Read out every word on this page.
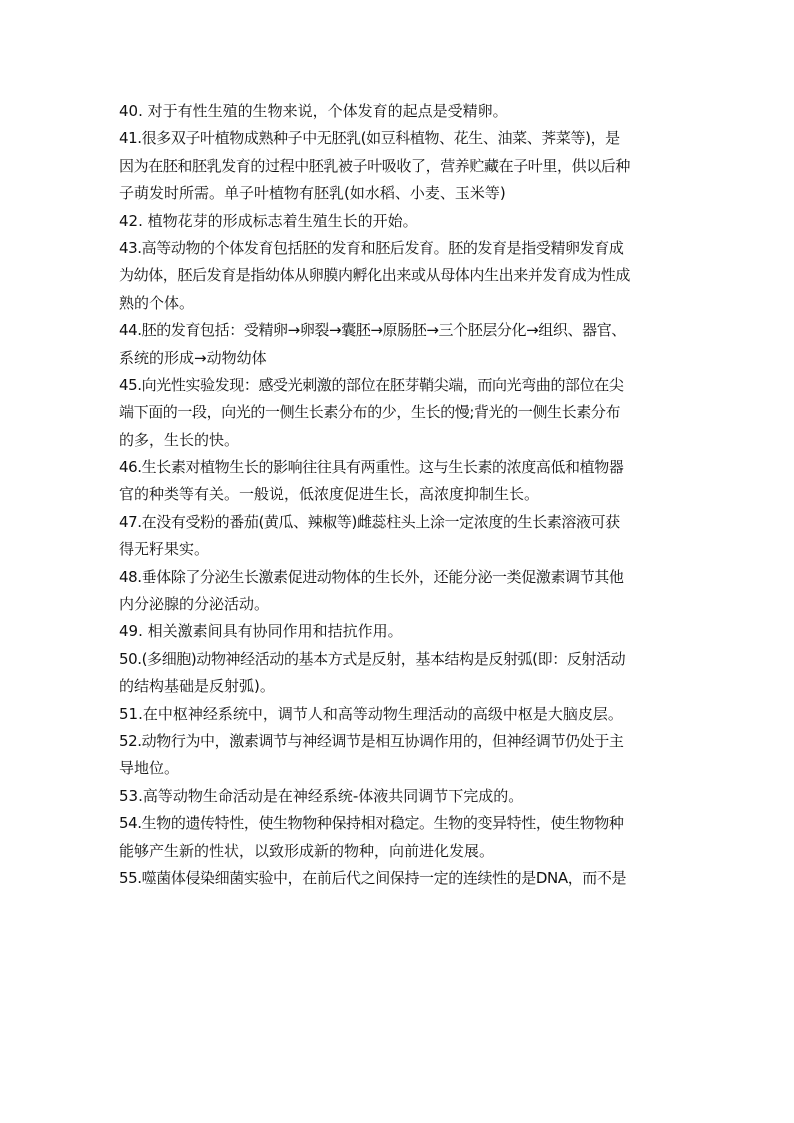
40. 对于有性生殖的生物来说，个体发育的起点是受精卵。
41.很多双子叶植物成熟种子中无胚乳(如豆科植物、花生、油菜、荠菜等)，是
因为在胚和胚乳发育的过程中胚乳被子叶吸收了，营养贮藏在子叶里，供以后种
子萌发时所需。单子叶植物有胚乳(如水稻、小麦、玉米等)
42. 植物花芽的形成标志着生殖生长的开始。
43.高等动物的个体发育包括胚的发育和胚后发育。胚的发育是指受精卵发育成
为幼体，胚后发育是指幼体从卵膜内孵化出来或从母体内生出来并发育成为性成
熟的个体。
44.胚的发育包括：受精卵→卵裂→囊胚→原肠胚→三个胚层分化→组织、器官、
系统的形成→动物幼体
45.向光性实验发现：感受光刺激的部位在胚芽鞘尖端，而向光弯曲的部位在尖
端下面的一段，向光的一侧生长素分布的少，生长的慢;背光的一侧生长素分布
的多，生长的快。
46.生长素对植物生长的影响往往具有两重性。这与生长素的浓度高低和植物器
官的种类等有关。一般说，低浓度促进生长，高浓度抑制生长。
47.在没有受粉的番茄(黄瓜、辣椒等)雌蕊柱头上涂一定浓度的生长素溶液可获
得无籽果实。
48.垂体除了分泌生长激素促进动物体的生长外，还能分泌一类促激素调节其他
内分泌腺的分泌活动。
49. 相关激素间具有协同作用和拮抗作用。
50.(多细胞)动物神经活动的基本方式是反射，基本结构是反射弧(即：反射活动
的结构基础是反射弧)。
51.在中枢神经系统中，调节人和高等动物生理活动的高级中枢是大脑皮层。
52.动物行为中，激素调节与神经调节是相互协调作用的，但神经调节仍处于主
导地位。
53.高等动物生命活动是在神经系统-体液共同调节下完成的。
54.生物的遗传特性，使生物物种保持相对稳定。生物的变异特性，使生物物种
能够产生新的性状，以致形成新的物种，向前进化发展。
55.噬菌体侵染细菌实验中，在前后代之间保持一定的连续性的是DNA，而不是
